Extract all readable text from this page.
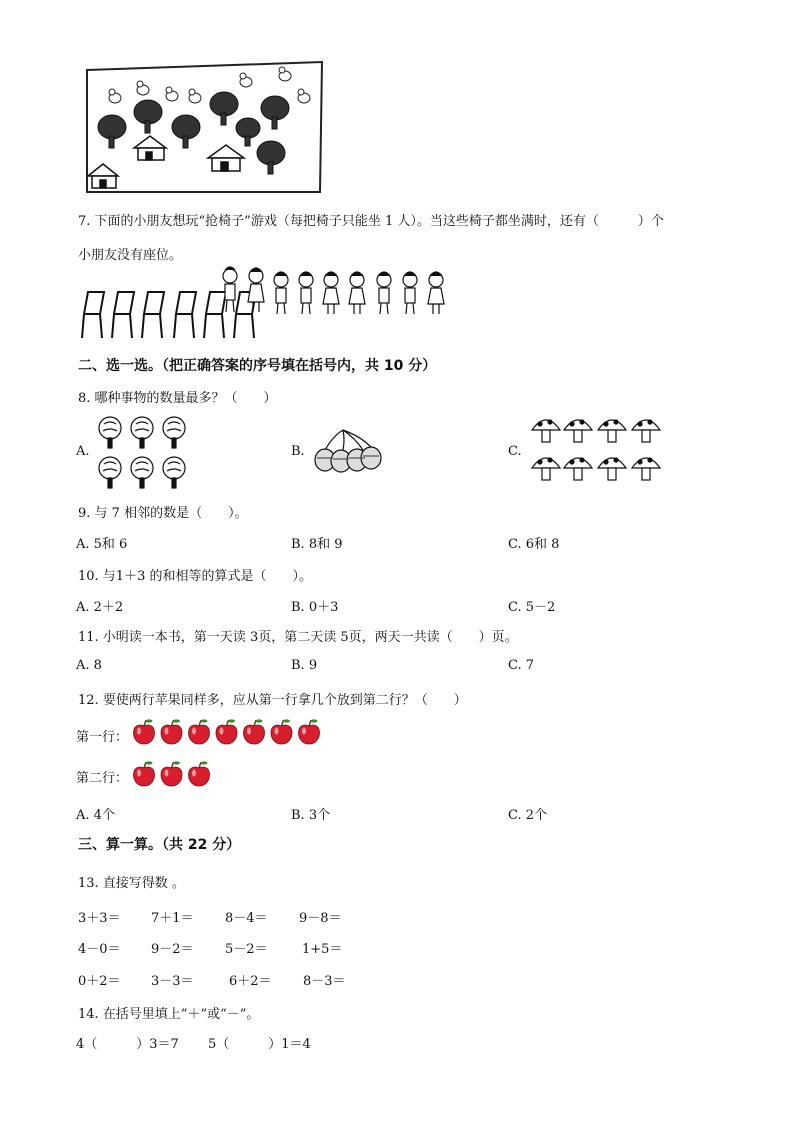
7. 下面的小朋友想玩“抢椅子”游戏（每把椅子只能坐 1 人）。当这些椅子都坐满时，还有（　　　）个
小朋友没有座位。
二、选一选。（把正确答案的序号填在括号内，共 10 分）
8. 哪种事物的数量最多？（　　）
A.	B.	C.
9. 与 7 相邻的数是（　　）。
A. 5和 6	B. 8和 9	C. 6和 8
10. 与1＋3 的和相等的算式是（　　）。
A. 2＋2	B. 0＋3	C. 5－2
11. 小明读一本书，第一天读 3页，第二天读 5页，两天一共读（　　）页。
A. 8	B. 9	C. 7
12. 要使两行苹果同样多，应从第一行拿几个放到第二行？（　　）
第一行：
第二行：
A. 4个	B. 3个	C. 2个
三、算一算。（共 22 分）
13. 直接写得数 。
3＋3＝ 7＋1＝ 8－4＝ 9－8＝
4－0＝ 9－2＝ 5－2＝	1+5＝
0＋2＝ 3－3＝	6＋2＝ 8－3＝
14. 在括号里填上“＋”或“－”。
4（　　　）3＝7 5（　　　）1＝4
